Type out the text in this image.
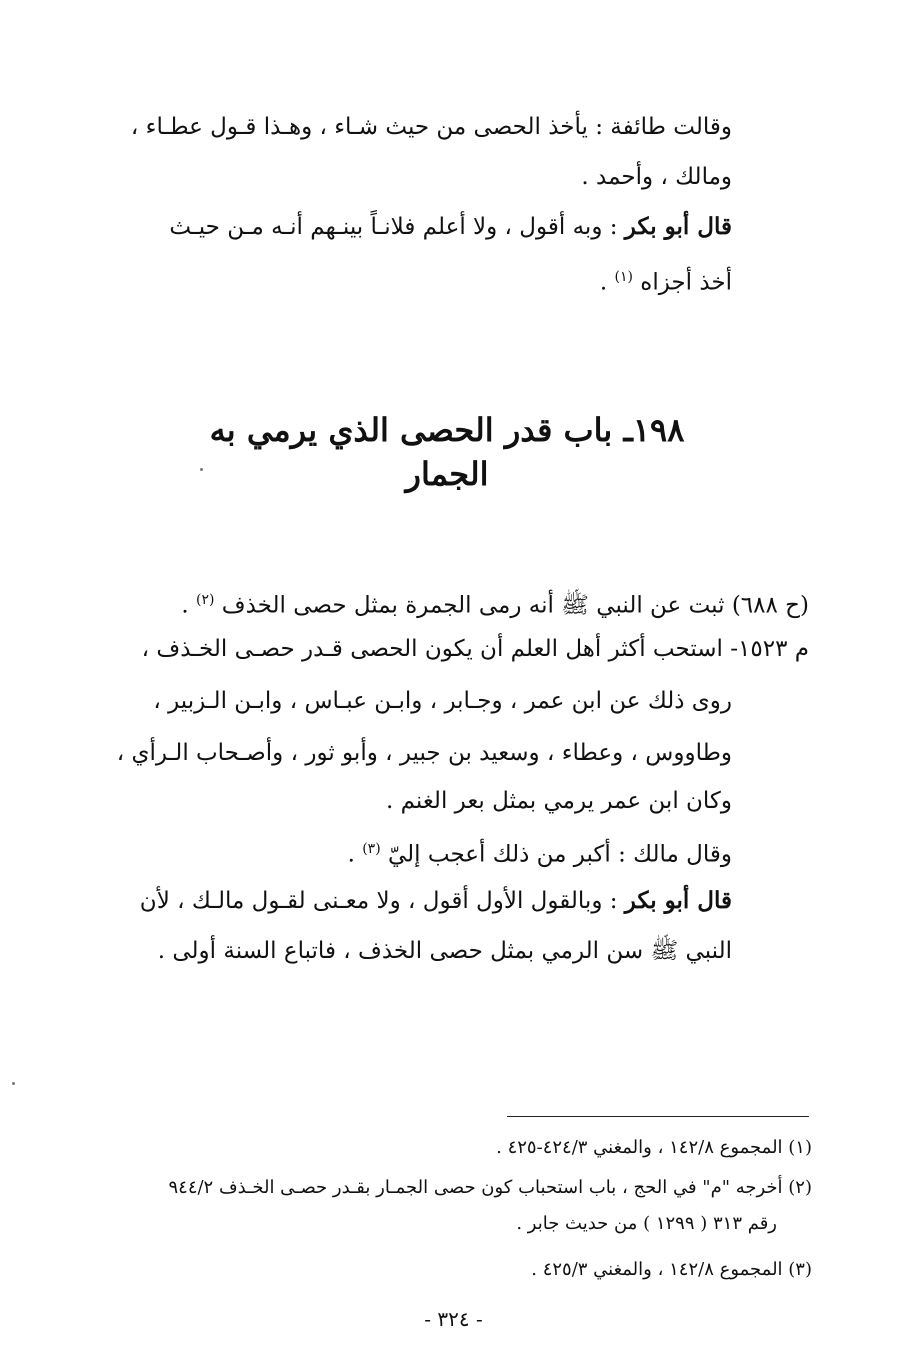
وقالت طائفة : يأخذ الحصى من حيث شـاء ، وهـذا قـول عطـاء ،
ومالك ، وأحمد .
قال أبو بكر : وبه أقول ، ولا أعلم فلانـاً بينـهم أنـه مـن حيـث
أخذ أجزاه $^{(١)}$ .
١٩٨ـ باب قدر الحصى الذي يرمي به الجمار
(ح ٦٨٨) ثبت عن النبي ﷺ أنه رمى الجمرة بمثل حصى الخذف $^{(٢)}$ .
م ١٥٢٣- استحب أكثر أهل العلم أن يكون الحصى قـدر حصـى الخـذف ،
روى ذلك عن ابن عمر ، وجـابر ، وابـن عبـاس ، وابـن الـزبير ،
وطاووس ، وعطاء ، وسعيد بن جبير ، وأبو ثور ، وأصـحاب الـرأي ،
وكان ابن عمر يرمي بمثل بعر الغنم .
وقال مالك : أكبر من ذلك أعجب إليّ $^{(٣)}$ .
قال أبو بكر : وبالقول الأول أقول ، ولا معـنى لقـول مالـك ، لأن
النبي ﷺ سن الرمي بمثل حصى الخذف ، فاتباع السنة أولى .
(١) المجموع ١٤٢/٨ ، والمغني ٤٢٤/٣-٤٢٥ .
(٢) أخرجه "م" في الحج ، باب استحباب كون حصى الجمـار بقـدر حصـى الخـذف ٩٤٤/٢
رقم ٣١٣ ( ١٢٩٩ ) من حديث جابر .
(٣) المجموع ١٤٢/٨ ، والمغني ٤٢٥/٣ .
- ٣٢٤ -
